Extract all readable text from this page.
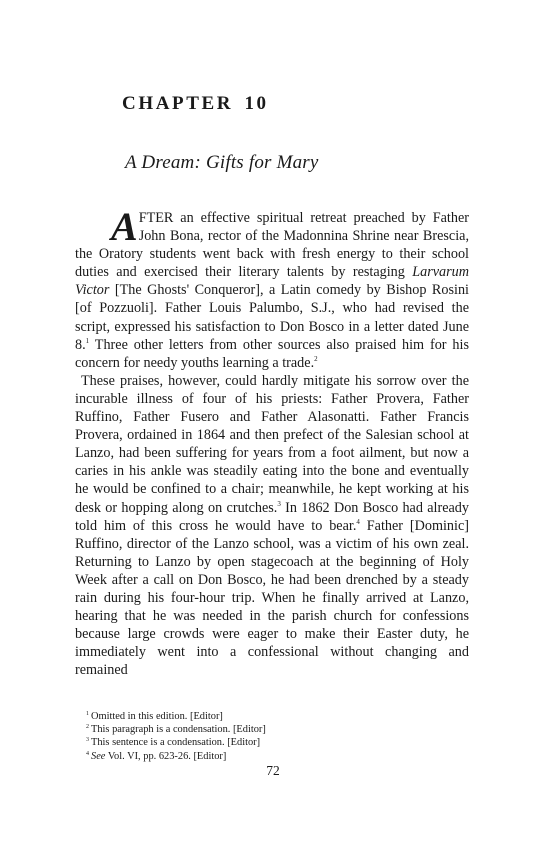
CHAPTER 10
A Dream: Gifts for Mary

AFTER an effective spiritual retreat preached by Father John Bona, rector of the Madonnina Shrine near Brescia, the Oratory students went back with fresh energy to their school duties and exercised their literary talents by restaging Larvarum Victor [The Ghosts' Conqueror], a Latin comedy by Bishop Rosini [of Pozzuoli]. Father Louis Palumbo, S.J., who had revised the script, expressed his satisfaction to Don Bosco in a letter dated June 8.$^1$ Three other letters from other sources also praised him for his concern for needy youths learning a trade.$^2$

These praises, however, could hardly mitigate his sorrow over the incurable illness of four of his priests: Father Provera, Father Ruffino, Father Fusero and Father Alasonatti. Father Francis Provera, ordained in 1864 and then prefect of the Salesian school at Lanzo, had been suffering for years from a foot ailment, but now a caries in his ankle was steadily eating into the bone and eventually he would be confined to a chair; meanwhile, he kept working at his desk or hopping along on crutches.$^3$ In 1862 Don Bosco had already told him of this cross he would have to bear.$^4$ Father [Dominic] Ruffino, director of the Lanzo school, was a victim of his own zeal. Returning to Lanzo by open stagecoach at the beginning of Holy Week after a call on Don Bosco, he had been drenched by a steady rain during his four-hour trip. When he finally arrived at Lanzo, hearing that he was needed in the parish church for confessions because large crowds were eager to make their Easter duty, he immediately went into a confessional without changing and remained

$^1$ Omitted in this edition. [Editor]
$^2$ This paragraph is a condensation. [Editor]
$^3$ This sentence is a condensation. [Editor]
$^4$ See Vol. VI, pp. 623-26. [Editor]
72
